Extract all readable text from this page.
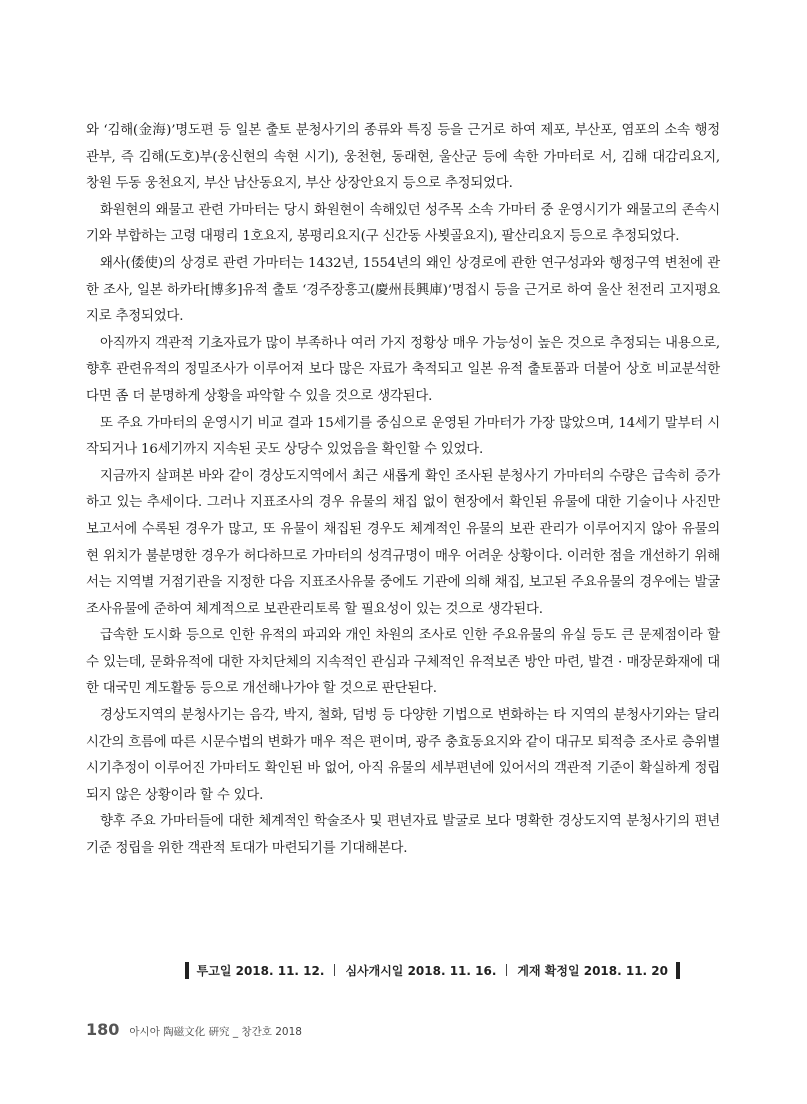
와 ‘김해(金海)’명도편 등 일본 출토 분청사기의 종류와 특징 등을 근거로 하여 제포, 부산포, 염포의 소속 행정관부, 즉 김해(도호)부(웅신현의 속현 시기), 웅천현, 동래현, 울산군 등에 속한 가마터로 서, 김해 대감리요지, 창원 두동 웅천요지, 부산 남산동요지, 부산 상장안요지 등으로 추정되었다.

화원현의 왜물고 관련 가마터는 당시 화원현이 속해있던 성주목 소속 가마터 중 운영시기가 왜물고의 존속시기와 부합하는 고령 대평리 1호요지, 봉평리요지(구 신간동 사뵛골요지), 팔산리요지 등으로 추정되었다.

왜사(倭使)의 상경로 관련 가마터는 1432년, 1554년의 왜인 상경로에 관한 연구성과와 행정구역 변천에 관한 조사, 일본 하카타[博多]유적 출토 ‘경주장흥고(慶州長興庫)’명접시 등을 근거로 하여 울산 천전리 고지평요지로 추정되었다.

아직까지 객관적 기초자료가 많이 부족하나 여러 가지 정황상 매우 가능성이 높은 것으로 추정되는 내용으로, 향후 관련유적의 정밀조사가 이루어져 보다 많은 자료가 축적되고 일본 유적 출토품과 더불어 상호 비교분석한다면 좀 더 분명하게 상황을 파악할 수 있을 것으로 생각된다.

또 주요 가마터의 운영시기 비교 결과 15세기를 중심으로 운영된 가마터가 가장 많았으며, 14세기 말부터 시작되거나 16세기까지 지속된 곳도 상당수 있었음을 확인할 수 있었다.

지금까지 살펴본 바와 같이 경상도지역에서 최근 새롭게 확인 조사된 분청사기 가마터의 수량은 급속히 증가하고 있는 추세이다. 그러나 지표조사의 경우 유물의 채집 없이 현장에서 확인된 유물에 대한 기술이나 사진만 보고서에 수록된 경우가 많고, 또 유물이 채집된 경우도 체계적인 유물의 보관 관리가 이루어지지 않아 유물의 현 위치가 불분명한 경우가 허다하므로 가마터의 성격규명이 매우 어려운 상황이다. 이러한 점을 개선하기 위해서는 지역별 거점기관을 지정한 다음 지표조사유물 중에도 기관에 의해 채집, 보고된 주요유물의 경우에는 발굴조사유물에 준하여 체계적으로 보관관리토록 할 필요성이 있는 것으로 생각된다.

급속한 도시화 등으로 인한 유적의 파괴와 개인 차원의 조사로 인한 주요유물의 유실 등도 큰 문제점이라 할 수 있는데, 문화유적에 대한 자치단체의 지속적인 관심과 구체적인 유적보존 방안 마련, 발견 · 매장문화재에 대한 대국민 계도활동 등으로 개선해나가야 할 것으로 판단된다.

경상도지역의 분청사기는 음각, 박지, 철화, 덤벙 등 다양한 기법으로 변화하는 타 지역의 분청사기와는 달리 시간의 흐름에 따른 시문수법의 변화가 매우 적은 편이며, 광주 충효동요지와 같이 대규모 퇴적층 조사로 층위별 시기추정이 이루어진 가마터도 확인된 바 없어, 아직 유물의 세부편년에 있어서의 객관적 기준이 확실하게 정립되지 않은 상황이라 할 수 있다.

향후 주요 가마터들에 대한 체계적인 학술조사 및 편년자료 발굴로 보다 명확한 경상도지역 분청사기의 편년기준 정립을 위한 객관적 토대가 마련되기를 기대해본다.

투고일 2018. 11. 12. 심사개시일 2018. 11. 16. 게재 확정일 2018. 11. 20
180 아시아 陶磁文化 硏究 _ 창간호 2018
